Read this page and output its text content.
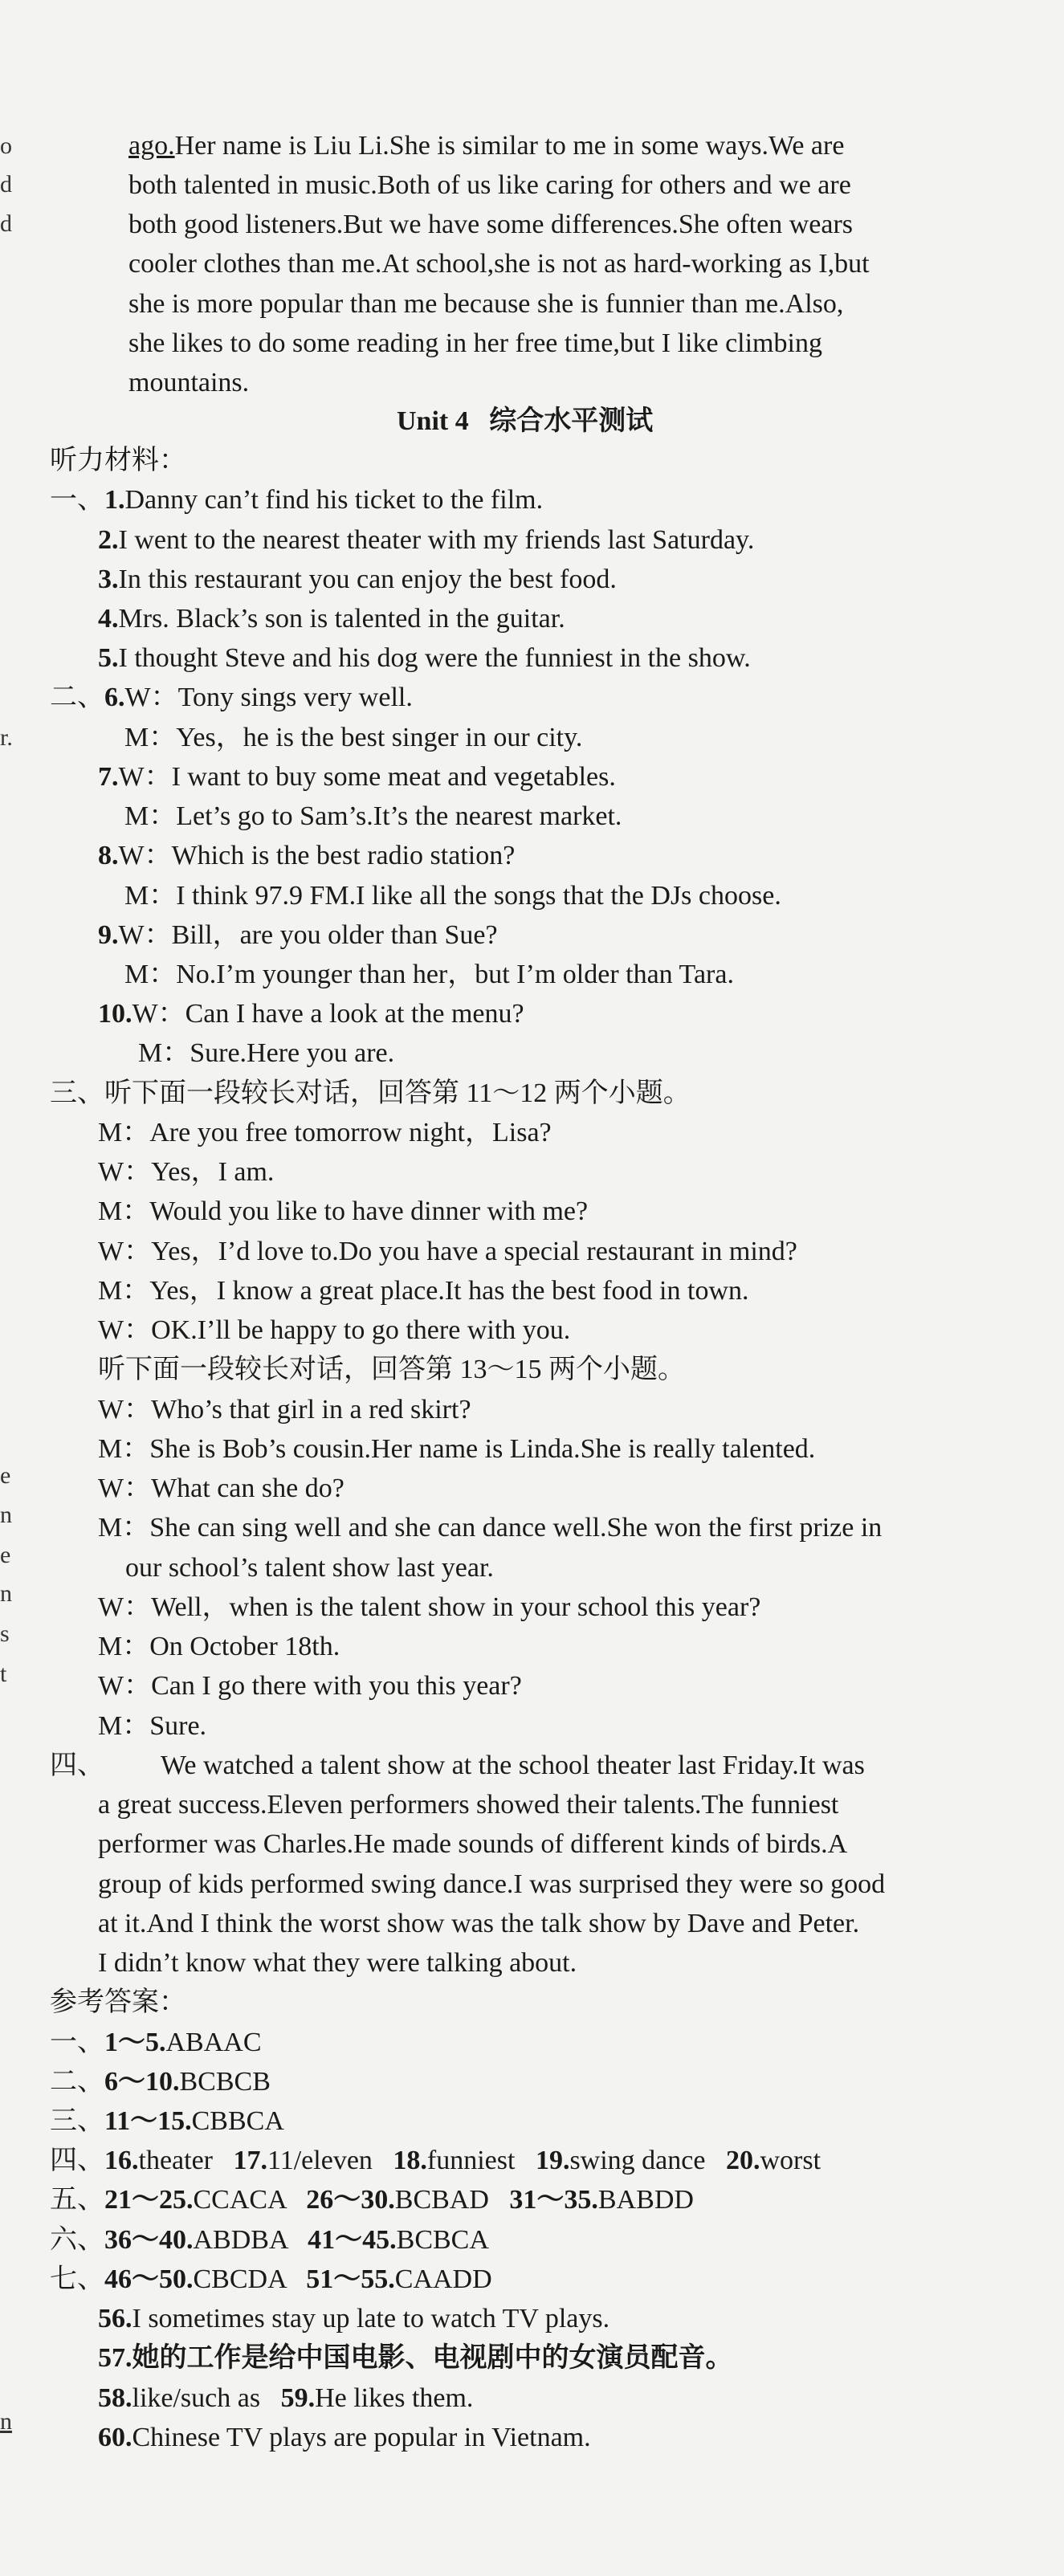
o
d
d
r.
e
n
e
n
s
t
n
ago.Her name is Liu Li.She is similar to me in some ways.We are
both talented in music.Both of us like caring for others and we are
both good listeners.But we have some differences.She often wears
cooler clothes than me.At school,she is not as hard-working as I,but
she is more popular than me because she is funnier than me.Also,
she likes to do some reading in her free time,but I like climbing
mountains.
Unit 4   综合水平测试
听力材料：
一、1.Danny can’t find his ticket to the film.
2.I went to the nearest theater with my friends last Saturday.
3.In this restaurant you can enjoy the best food.
4.Mrs. Black’s son is talented in the guitar.
5.I thought Steve and his dog were the funniest in the show.
二、6.W：Tony sings very well.
M：Yes，he is the best singer in our city.
7.W：I want to buy some meat and vegetables.
M：Let’s go to Sam’s.It’s the nearest market.
8.W：Which is the best radio station?
M：I think 97.9 FM.I like all the songs that the DJs choose.
9.W：Bill，are you older than Sue?
M：No.I’m younger than her，but I’m older than Tara.
10.W：Can I have a look at the menu?
M：Sure.Here you are.
三、听下面一段较长对话，回答第 11～12 两个小题。
M：Are you free tomorrow night，Lisa?
W：Yes，I am.
M：Would you like to have dinner with me?
W：Yes，I’d love to.Do you have a special restaurant in mind?
M：Yes，I know a great place.It has the best food in town.
W：OK.I’ll be happy to go there with you.
听下面一段较长对话，回答第 13～15 两个小题。
W：Who’s that girl in a red skirt?
M：She is Bob’s cousin.Her name is Linda.She is really talented.
W：What can she do?
M：She can sing well and she can dance well.She won the first prize in
our school’s talent show last year.
W：Well，when is the talent show in your school this year?
M：On October 18th.
W：Can I go there with you this year?
M：Sure.
四、 We watched a talent show at the school theater last Friday.It was
a great success.Eleven performers showed their talents.The funniest
performer was Charles.He made sounds of different kinds of birds.A
group of kids performed swing dance.I was surprised they were so good
at it.And I think the worst show was the talk show by Dave and Peter.
I didn’t know what they were talking about.
参考答案：
一、1～5.ABAAC
二、6～10.BCBCB
三、11～15.CBBCA
四、16.theater 17.11/eleven 18.funniest 19.swing dance 20.worst
五、21～25.CCACA 26～30.BCBAD 31～35.BABDD
六、36～40.ABDBA 41～45.BCBCA
七、46～50.CBCDA 51～55.CAADD
56.I sometimes stay up late to watch TV plays.
57.她的工作是给中国电影、电视剧中的女演员配音。
58.like/such as 59.He likes them.
60.Chinese TV plays are popular in Vietnam.
